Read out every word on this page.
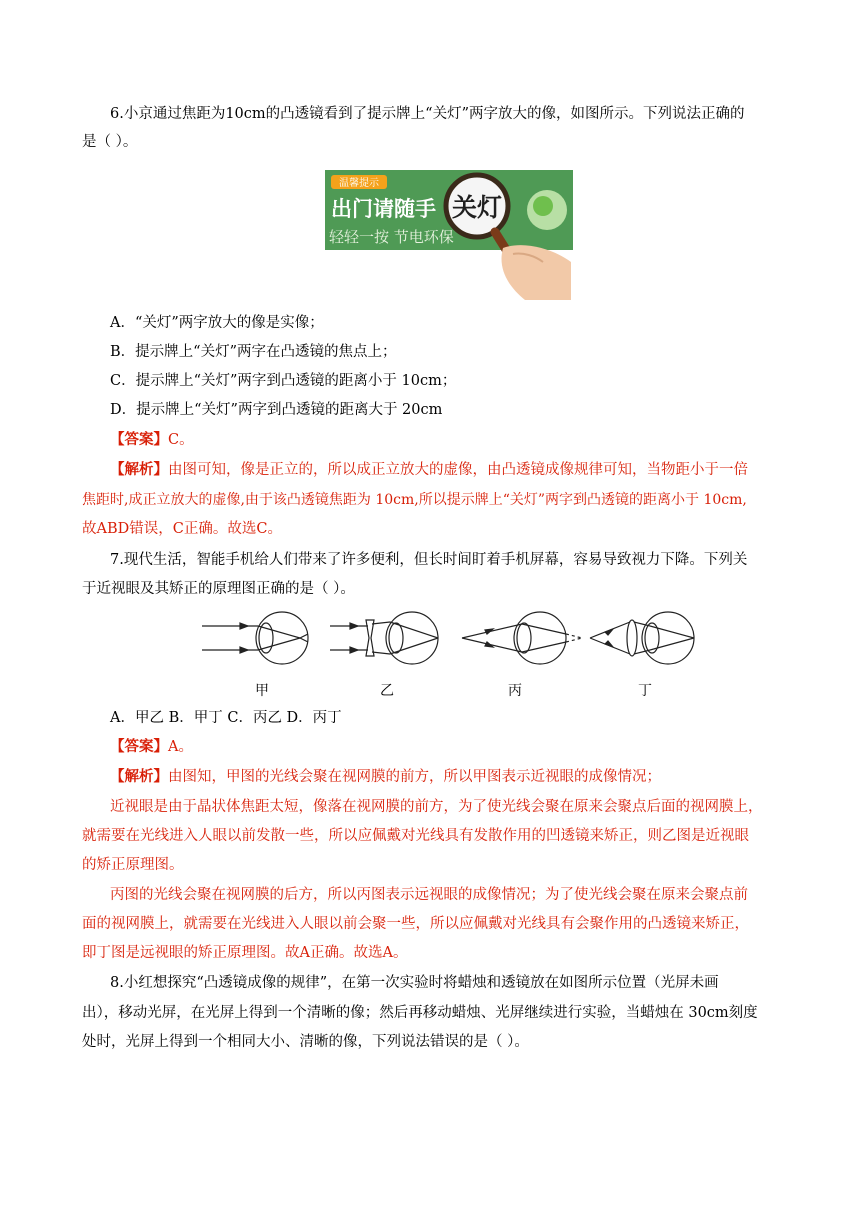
6.小京通过焦距为10cm的凸透镜看到了提示牌上“关灯”两字放大的像，如图所示。下列说法正确的
是（ ）。
温馨提示
出门请随手
轻轻一按 节电环保
关灯
A．“关灯”两字放大的像是实像；
B．提示牌上“关灯”两字在凸透镜的焦点上；
C．提示牌上“关灯”两字到凸透镜的距离小于 10cm；
D．提示牌上“关灯”两字到凸透镜的距离大于 20cm
【答案】C。
【解析】由图可知，像是正立的，所以成正立放大的虚像，由凸透镜成像规律可知，当物距小于一倍
焦距时,成正立放大的虚像,由于该凸透镜焦距为 10cm,所以提示牌上“关灯”两字到凸透镜的距离小于 10cm,
故ABD错误，C正确。故选C。
7.现代生活，智能手机给人们带来了许多便利，但长时间盯着手机屏幕，容易导致视力下降。下列关
于近视眼及其矫正的原理图正确的是（ ）。
甲	乙	丙	丁
A．甲乙 B．甲丁 C．丙乙 D．丙丁
【答案】A。
【解析】由图知，甲图的光线会聚在视网膜的前方，所以甲图表示近视眼的成像情况；
近视眼是由于晶状体焦距太短，像落在视网膜的前方，为了使光线会聚在原来会聚点后面的视网膜上，
就需要在光线进入人眼以前发散一些，所以应佩戴对光线具有发散作用的凹透镜来矫正，则乙图是近视眼
的矫正原理图。
丙图的光线会聚在视网膜的后方，所以丙图表示远视眼的成像情况；为了使光线会聚在原来会聚点前
面的视网膜上，就需要在光线进入人眼以前会聚一些，所以应佩戴对光线具有会聚作用的凸透镜来矫正，
即丁图是远视眼的矫正原理图。故A正确。故选A。
8.小红想探究“凸透镜成像的规律”，在第一次实验时将蜡烛和透镜放在如图所示位置（光屏未画
出），移动光屏，在光屏上得到一个清晰的像；然后再移动蜡烛、光屏继续进行实验，当蜡烛在 30cm刻度
处时，光屏上得到一个相同大小、清晰的像，下列说法错误的是（ ）。
